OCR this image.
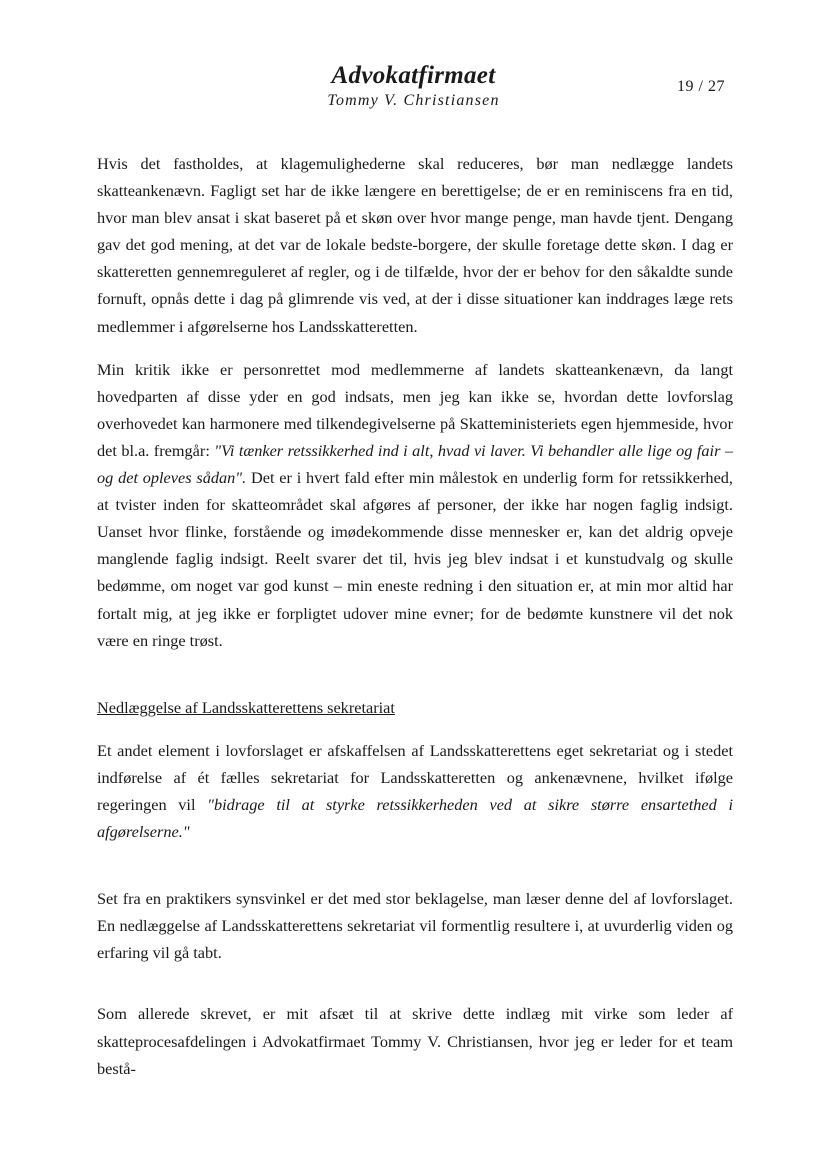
Advokatfirmaet
Tommy V. Christiansen
19 / 27

Hvis det fastholdes, at klagemulighederne skal reduceres, bør man nedlægge landets skatteankenævn. Fagligt set har de ikke længere en berettigelse; de er en reminiscens fra en tid, hvor man blev ansat i skat baseret på et skøn over hvor mange penge, man havde tjent. Dengang gav det god mening, at det var de lokale bedste-borgere, der skulle foretage dette skøn. I dag er skatteretten gennemreguleret af regler, og i de tilfælde, hvor der er behov for den såkaldte sunde fornuft, opnås dette i dag på glimrende vis ved, at der i disse situationer kan inddrages læge rets medlemmer i afgørelserne hos Landsskatteretten.

Min kritik ikke er personrettet mod medlemmerne af landets skatteankenævn, da langt hovedparten af disse yder en god indsats, men jeg kan ikke se, hvordan dette lovforslag overhovedet kan harmonere med tilkendegivelserne på Skatteministeriets egen hjemmeside, hvor det bl.a. fremgår: "Vi tænker retssikkerhed ind i alt, hvad vi laver. Vi behandler alle lige og fair – og det opleves sådan". Det er i hvert fald efter min målestok en underlig form for retssikkerhed, at tvister inden for skatteområdet skal afgøres af personer, der ikke har nogen faglig indsigt. Uanset hvor flinke, forstående og imødekommende disse mennesker er, kan det aldrig opveje manglende faglig indsigt. Reelt svarer det til, hvis jeg blev indsat i et kunstudvalg og skulle bedømme, om noget var god kunst – min eneste redning i den situation er, at min mor altid har fortalt mig, at jeg ikke er forpligtet udover mine evner; for de bedømte kunstnere vil det nok være en ringe trøst.

Nedlæggelse af Landsskatterettens sekretariat

Et andet element i lovforslaget er afskaffelsen af Landsskatterettens eget sekretariat og i stedet indførelse af ét fælles sekretariat for Landsskatteretten og ankenævnene, hvilket ifølge regeringen vil "bidrage til at styrke retssikkerheden ved at sikre større ensartethed i afgørelserne."

Set fra en praktikers synsvinkel er det med stor beklagelse, man læser denne del af lovforslaget. En nedlæggelse af Landsskatterettens sekretariat vil formentlig resultere i, at uvurderlig viden og erfaring vil gå tabt.

Som allerede skrevet, er mit afsæt til at skrive dette indlæg mit virke som leder af skatteprocesafdelingen i Advokatfirmaet Tommy V. Christiansen, hvor jeg er leder for et team bestå-
